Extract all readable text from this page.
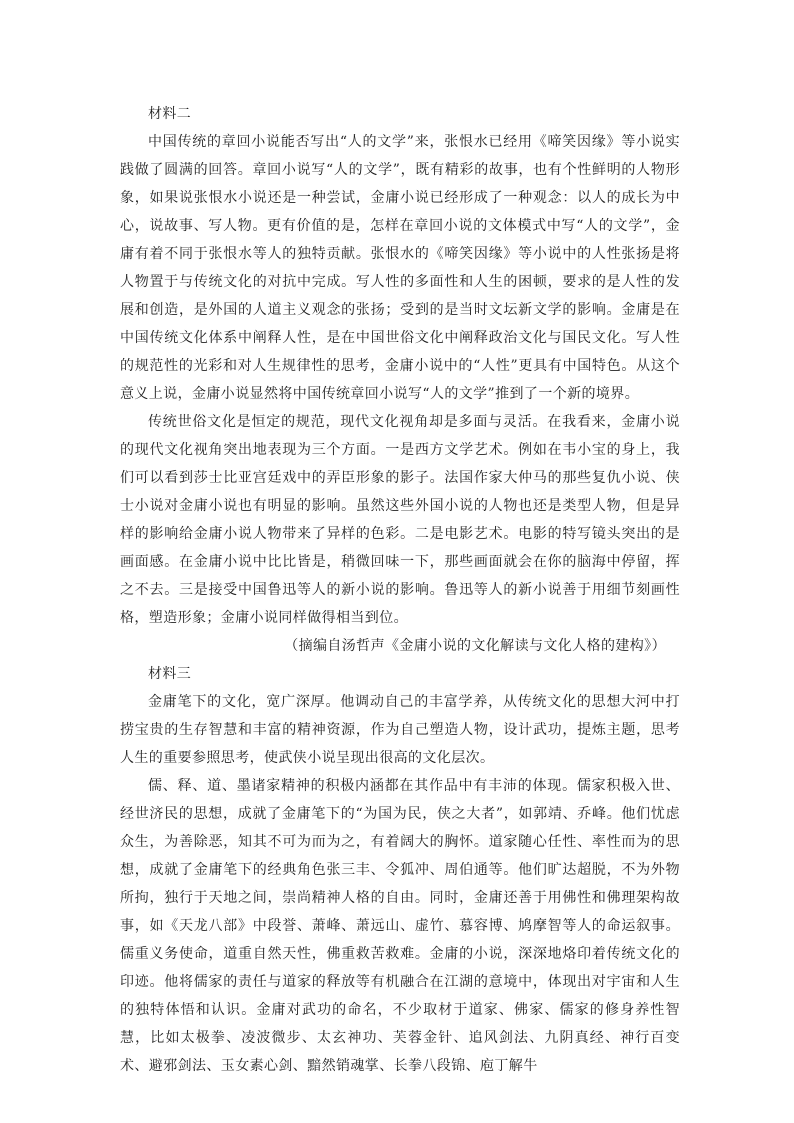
材料二

中国传统的章回小说能否写出“人的文学”来，张恨水已经用《啼笑因缘》等小说实践做了圆满的回答。章回小说写“人的文学”，既有精彩的故事，也有个性鲜明的人物形象，如果说张恨水小说还是一种尝试，金庸小说已经形成了一种观念：以人的成长为中心，说故事、写人物。更有价值的是，怎样在章回小说的文体模式中写“人的文学”，金庸有着不同于张恨水等人的独特贡献。张恨水的《啼笑因缘》等小说中的人性张扬是将人物置于与传统文化的对抗中完成。写人性的多面性和人生的困顿，要求的是人性的发展和创造，是外国的人道主义观念的张扬；受到的是当时文坛新文学的影响。金庸是在中国传统文化体系中阐释人性，是在中国世俗文化中阐释政治文化与国民文化。写人性的规范性的光彩和对人生规律性的思考，金庸小说中的“人性”更具有中国特色。从这个意义上说，金庸小说显然将中国传统章回小说写“人的文学”推到了一个新的境界。

传统世俗文化是恒定的规范，现代文化视角却是多面与灵活。在我看来，金庸小说的现代文化视角突出地表现为三个方面。一是西方文学艺术。例如在韦小宝的身上，我们可以看到莎士比亚宫廷戏中的弄臣形象的影子。法国作家大仲马的那些复仇小说、侠士小说对金庸小说也有明显的影响。虽然这些外国小说的人物也还是类型人物，但是异样的影响给金庸小说人物带来了异样的色彩。二是电影艺术。电影的特写镜头突出的是画面感。在金庸小说中比比皆是，稍微回味一下，那些画面就会在你的脑海中停留，挥之不去。三是接受中国鲁迅等人的新小说的影响。鲁迅等人的新小说善于用细节刻画性格，塑造形象；金庸小说同样做得相当到位。

（摘编自汤哲声《金庸小说的文化解读与文化人格的建构》）

材料三

金庸笔下的文化，宽广深厚。他调动自己的丰富学养，从传统文化的思想大河中打捞宝贵的生存智慧和丰富的精神资源，作为自己塑造人物，设计武功，提炼主题，思考人生的重要参照思考，使武侠小说呈现出很高的文化层次。

儒、释、道、墨诸家精神的积极内涵都在其作品中有丰沛的体现。儒家积极入世、经世济民的思想，成就了金庸笔下的“为国为民，侠之大者”，如郭靖、乔峰。他们忧虑众生，为善除恶，知其不可为而为之，有着阔大的胸怀。道家随心任性、率性而为的思想，成就了金庸笔下的经典角色张三丰、令狐冲、周伯通等。他们旷达超脱，不为外物所拘，独行于天地之间，崇尚精神人格的自由。同时，金庸还善于用佛性和佛理架构故事，如《天龙八部》中段誉、萧峰、萧远山、虚竹、慕容博、鸠摩智等人的命运叙事。儒重义务使命，道重自然天性，佛重救苦救难。金庸的小说，深深地烙印着传统文化的印迹。他将儒家的责任与道家的释放等有机融合在江湖的意境中，体现出对宇宙和人生的独特体悟和认识。金庸对武功的命名，不少取材于道家、佛家、儒家的修身养性智慧，比如太极拳、凌波微步、太玄神功、芙蓉金针、追风剑法、九阴真经、神行百变术、避邪剑法、玉女素心剑、黯然销魂掌、长拳八段锦、庖丁解牛
